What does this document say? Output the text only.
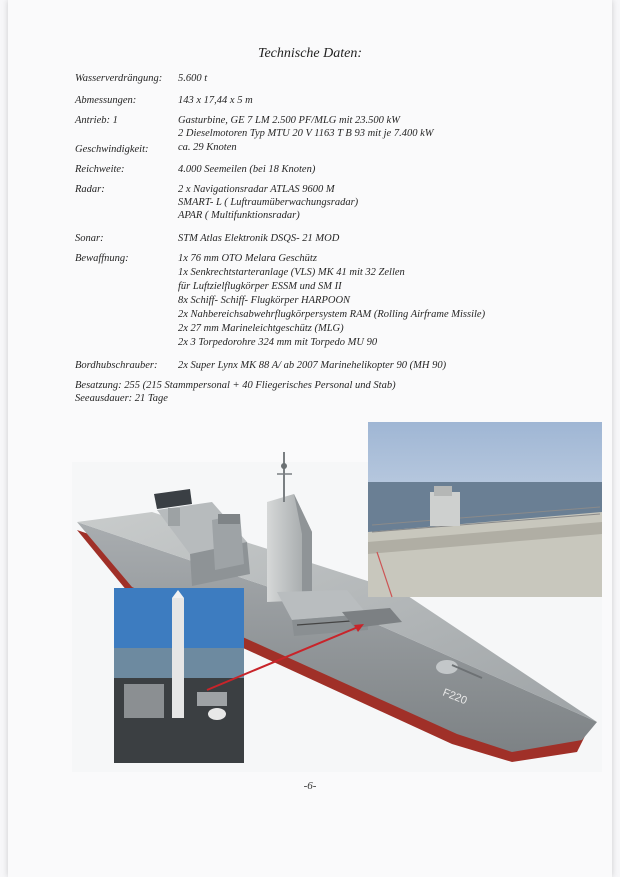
Technische Daten:
Wasserverdrängung: 5.600 t
Abmessungen:	143 x 17,44 x 5 m
Antrieb: 1	Gasturbine, GE 7 LM 2.500 PF/MLG mit 23.500 kW
2 Dieselmotoren Typ MTU 20 V 1163 T B 93 mit je 7.400 kW
Geschwindigkeit:	ca. 29 Knoten
Reichweite:	4.000 Seemeilen (bei 18 Knoten)
Radar:	2 x Navigationsradar ATLAS 9600 M
SMART- L ( Luftraumüberwachungsradar)
APAR ( Multifunktionsradar)
Sonar:	STM Atlas Elektronik DSQS- 21 MOD
Bewaffnung:	1x 76 mm OTO Melara Geschütz
1x Senkrechtstarteranlage (VLS) MK 41 mit 32 Zellen
für Luftzielflugkörper ESSM und SM II
8x Schiff- Schiff- Flugkörper HARPOON
2x Nahbereichsabwehrflugkörpersystem RAM (Rolling Airframe Missile)
2x 27 mm Marineleichtgeschütz (MLG)
2x 3 Torpedorohre 324 mm mit Torpedo MU 90
Bordhubschrauber: 2x Super Lynx MK 88 A/ ab 2007 Marinehelikopter 90 (MH 90)
Besatzung: 255 (215 Stammpersonal + 40 Fliegerisches Personal und Stab)
Seeausdauer: 21 Tage
F220
-6-
